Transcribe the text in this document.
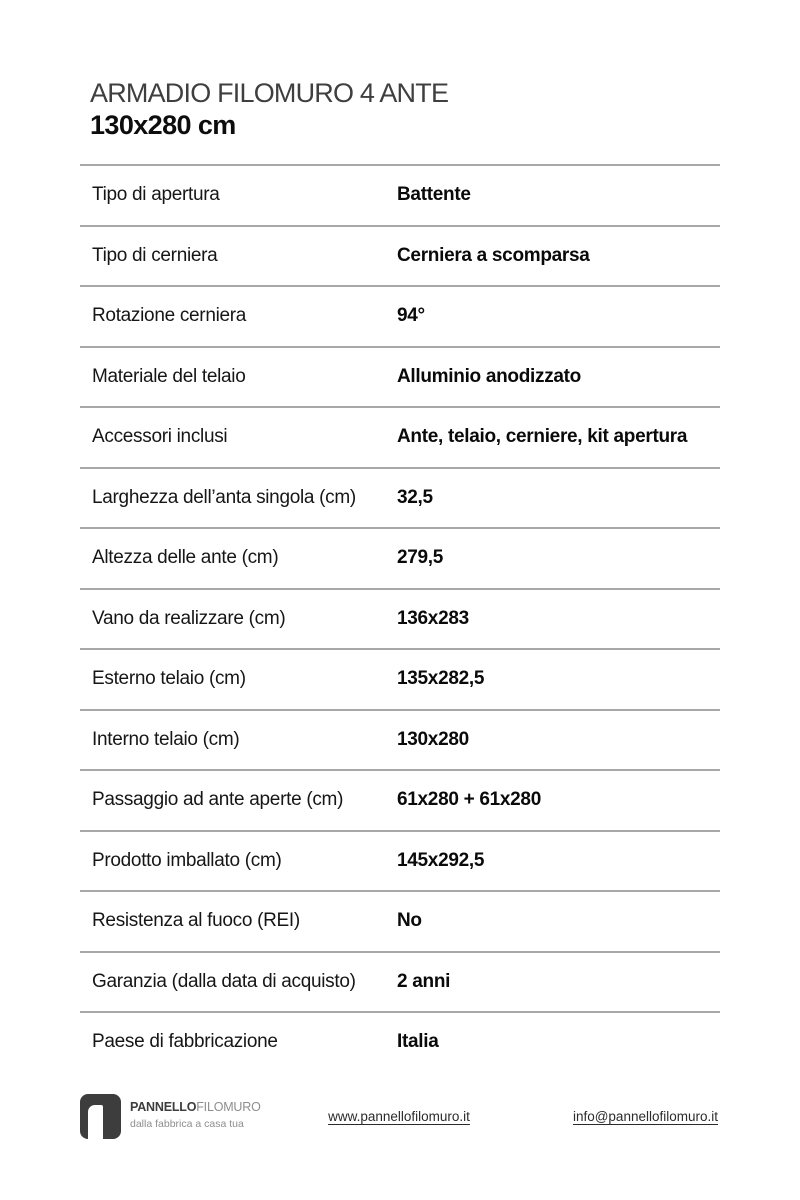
ARMADIO FILOMURO 4 ANTE
130x280 cm
Tipo di apertura	Battente
Tipo di cerniera	Cerniera a scomparsa
Rotazione cerniera	94°
Materiale del telaio	Alluminio anodizzato
Accessori inclusi	Ante, telaio, cerniere, kit apertura
Larghezza dell’anta singola (cm) 32,5
Altezza delle ante (cm)	279,5
Vano da realizzare (cm)	136x283
Esterno telaio (cm)	135x282,5
Interno telaio (cm)	130x280
Passaggio ad ante aperte (cm)	61x280 + 61x280
Prodotto imballato (cm)	145x292,5
Resistenza al fuoco (REI)	No
Garanzia (dalla data di acquisto) 2 anni
Paese di fabbricazione	Italia
PANNELLOFILOMURO
dalla fabbrica a casa tua	www.pannellofilomuro.it	info@pannellofilomuro.it
